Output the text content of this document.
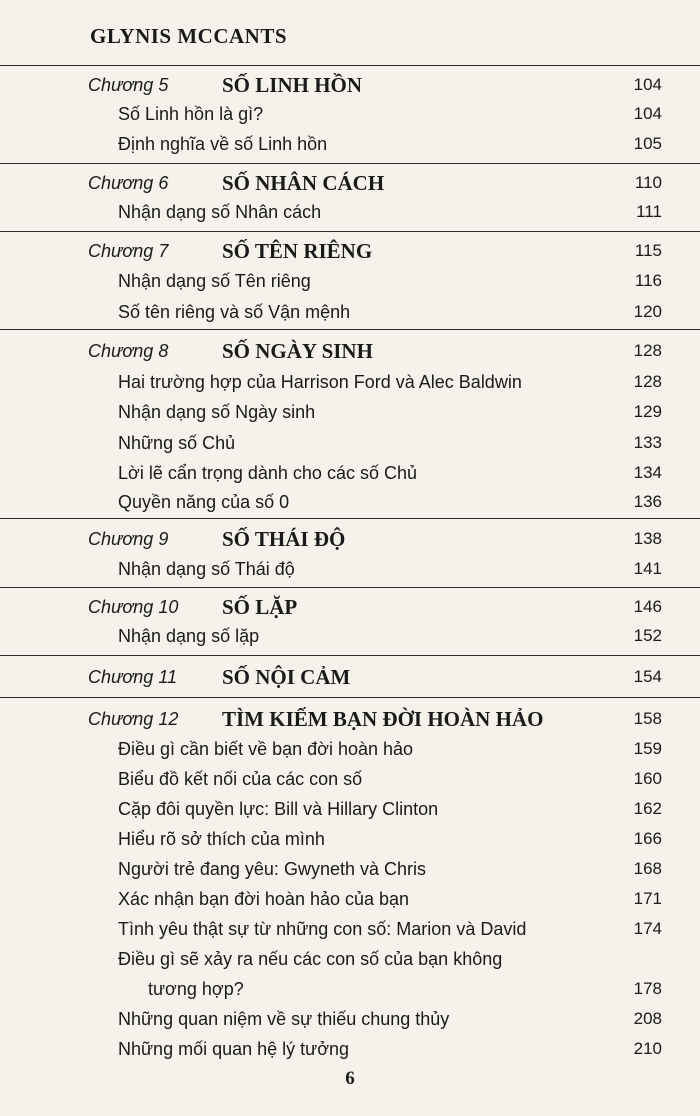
GLYNIS MCCANTS
Chương 5	SỐ LINH HỒN	104
Số Linh hồn là gì?	104
Định nghĩa về số Linh hồn	105
Chương 6	SỐ NHÂN CÁCH	110
Nhận dạng số Nhân cách	111
Chương 7	SỐ TÊN RIÊNG	115
Nhận dạng số Tên riêng	116
Số tên riêng và số Vận mệnh	120
Chương 8	SỐ NGÀY SINH	128
Hai trường hợp của Harrison Ford và Alec Baldwin	128
Nhận dạng số Ngày sinh	129
Những số Chủ	133
Lời lẽ cẩn trọng dành cho các số Chủ	134
Quyền năng của số 0	136
Chương 9	SỐ THÁI ĐỘ	138
Nhận dạng số Thái độ	141
Chương 10 SỐ LẶP	146
Nhận dạng số lặp	152
Chương 11 SỐ NỘI CẢM	154
Chương 12 TÌM KIẾM BẠN ĐỜI HOÀN HẢO	158
Điều gì cần biết về bạn đời hoàn hảo	159
Biểu đồ kết nối của các con số	160
Cặp đôi quyền lực: Bill và Hillary Clinton	162
Hiểu rõ sở thích của mình	166
Người trẻ đang yêu: Gwyneth và Chris	168
Xác nhận bạn đời hoàn hảo của bạn	171
Tình yêu thật sự từ những con số: Marion và David	174
Điều gì sẽ xảy ra nếu các con số của bạn không
tương hợp?	178
Những quan niệm về sự thiếu chung thủy	208
Những mối quan hệ lý tưởng	210
6
